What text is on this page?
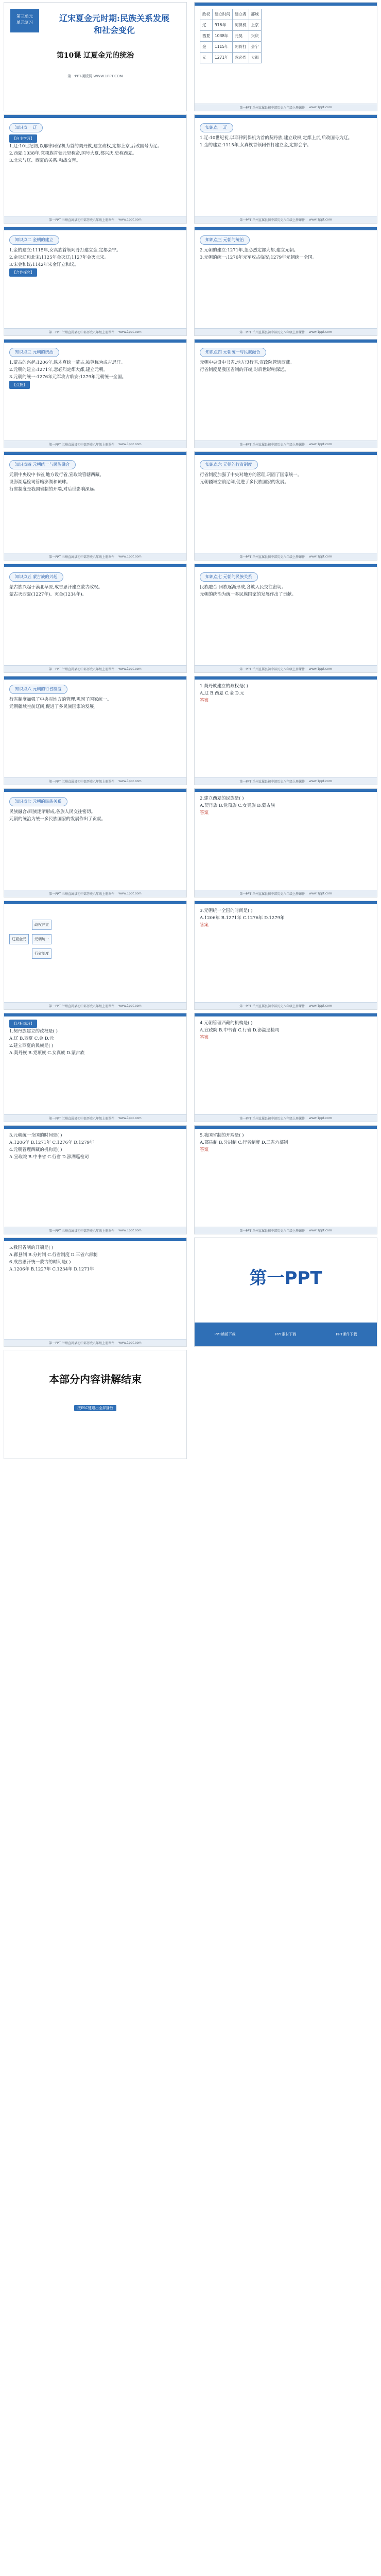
第三单元
单元复习	辽宋夏金元时期:民族关系发展
和社会变化
第10课 辽夏金元的统治
第一PPT模板网 WWW.1PPT.COM
知识点一 辽
【自主学习】

1.辽:10世纪初,以耶律阿保机为首的契丹族,建立政权,定都上京,后改国号为辽。

2.西夏:1038年,党项族首领元昊称帝,国号大夏,都兴庆,史称西夏。

3.北宋与辽、西夏的关系:和战交替。

第一PPT 兰州直属县初中部历史八年级上册课件 www.1ppt.com
知识点二 金朝的建立

1.金的建立:1115年,女真族首领阿骨打建立金,定都会宁。

2.金灭辽和北宋:1125年金灭辽;1127年金灭北宋。

3.宋金和议:1142年宋金订立和议。

【合作探究】
第一PPT 兰州直属县初中部历史八年级上册课件 www.1ppt.com
知识点三 元朝的统治

1.蒙古的兴起:1206年,铁木真统一蒙古,被尊称为成吉思汗。

2.元朝的建立:1271年,忽必烈定都大都,建立元朝。

3.元朝的统一:1276年元军攻占临安;1279年元朝统一全国。

【点拨】
第一PPT 兰州直属县初中部历史八年级上册课件 www.1ppt.com
知识点四 元朝统一与民族融合

元朝中央设中书省,地方设行省,宣政院管辖西藏。

设澎湖巡检司管辖澎湖和琉球。

行省制度是我国省制的开端,对后世影响深远。

第一PPT 兰州直属县初中部历史八年级上册课件 www.1ppt.com
知识点五 蒙古族的兴起

蒙古族兴起于漠北草原,成吉思汗建立蒙古政权。

蒙古灭西夏(1227年)、灭金(1234年)。

第一PPT 兰州直属县初中部历史八年级上册课件 www.1ppt.com
知识点六 元朝的行省制度

行省制度加强了中央对地方的管理,巩固了国家统一。

元朝疆域空前辽阔,促进了多民族国家的发展。

第一PPT 兰州直属县初中部历史八年级上册课件 www.1ppt.com
知识点七 元朝的民族关系

民族融合:回族逐渐形成,各族人民交往密切。

元朝的统治为统一多民族国家的发展作出了贡献。

第一PPT 兰州直属县初中部历史八年级上册课件 www.1ppt.com
辽夏金元
政权并立
元朝统一
行省制度
第一PPT 兰州直属县初中部历史八年级上册课件 www.1ppt.com
【达标练习】

1.契丹族建立的政权是( )

A.辽 B.西夏 C.金 D.元

2.建立西夏的民族是( )

A.契丹族 B.党项族 C.女真族 D.蒙古族

第一PPT 兰州直属县初中部历史八年级上册课件 www.1ppt.com

3.元朝统一全国的时间是( )

A.1206年 B.1271年 C.1276年 D.1279年

4.元朝管理西藏的机构是( )

A.宣政院 B.中书省 C.行省 D.澎湖巡检司

第一PPT 兰州直属县初中部历史八年级上册课件 www.1ppt.com

5.我国省制的开端是( )

A.郡县制 B.分封制 C.行省制度 D.三省六部制

6.成吉思汗统一蒙古的时间是( )

A.1206年 B.1227年 C.1234年 D.1271年

第一PPT 兰州直属县初中部历史八年级上册课件 www.1ppt.com
本部分内容讲解结束
按ESC键退出全屏播放
政权	建立时间	建立者	都城
辽	916年	阿保机	上京
西夏	1038年	元昊	兴庆
金	1115年	阿骨打	会宁
元	1271年	忽必烈	大都
第一PPT 兰州直属县初中部历史八年级上册课件 www.1ppt.com
知识点一 辽

1.辽:10世纪初,以耶律阿保机为首的契丹族,建立政权,定都上京,后改国号为辽。

1.金的建立:1115年,女真族首领阿骨打建立金,定都会宁。

第一PPT 兰州直属县初中部历史八年级上册课件 www.1ppt.com
知识点三 元朝的统治

2.元朝的建立:1271年,忽必烈定都大都,建立元朝。

3.元朝的统一:1276年元军攻占临安;1279年元朝统一全国。

第一PPT 兰州直属县初中部历史八年级上册课件 www.1ppt.com
知识点四 元朝统一与民族融合

元朝中央设中书省,地方设行省,宣政院管辖西藏。

行省制度是我国省制的开端,对后世影响深远。

第一PPT 兰州直属县初中部历史八年级上册课件 www.1ppt.com
知识点六 元朝的行省制度

行省制度加强了中央对地方的管理,巩固了国家统一。

元朝疆域空前辽阔,促进了多民族国家的发展。

第一PPT 兰州直属县初中部历史八年级上册课件 www.1ppt.com
知识点七 元朝的民族关系

民族融合:回族逐渐形成,各族人民交往密切。

元朝的统治为统一多民族国家的发展作出了贡献。

第一PPT 兰州直属县初中部历史八年级上册课件 www.1ppt.com

1.契丹族建立的政权是( )

A.辽 B.西夏 C.金 D.元

答案

第一PPT 兰州直属县初中部历史八年级上册课件 www.1ppt.com

2.建立西夏的民族是( )

A.契丹族 B.党项族 C.女真族 D.蒙古族

答案

第一PPT 兰州直属县初中部历史八年级上册课件 www.1ppt.com

3.元朝统一全国的时间是( )

A.1206年 B.1271年 C.1276年 D.1279年

答案

第一PPT 兰州直属县初中部历史八年级上册课件 www.1ppt.com

4.元朝管理西藏的机构是( )

A.宣政院 B.中书省 C.行省 D.澎湖巡检司

答案

第一PPT 兰州直属县初中部历史八年级上册课件 www.1ppt.com

5.我国省制的开端是( )

A.郡县制 B.分封制 C.行省制度 D.三省六部制

答案

第一PPT 兰州直属县初中部历史八年级上册课件 www.1ppt.com
第一PPT
PPT模板下载	PPT素材下载	PPT课件下载
